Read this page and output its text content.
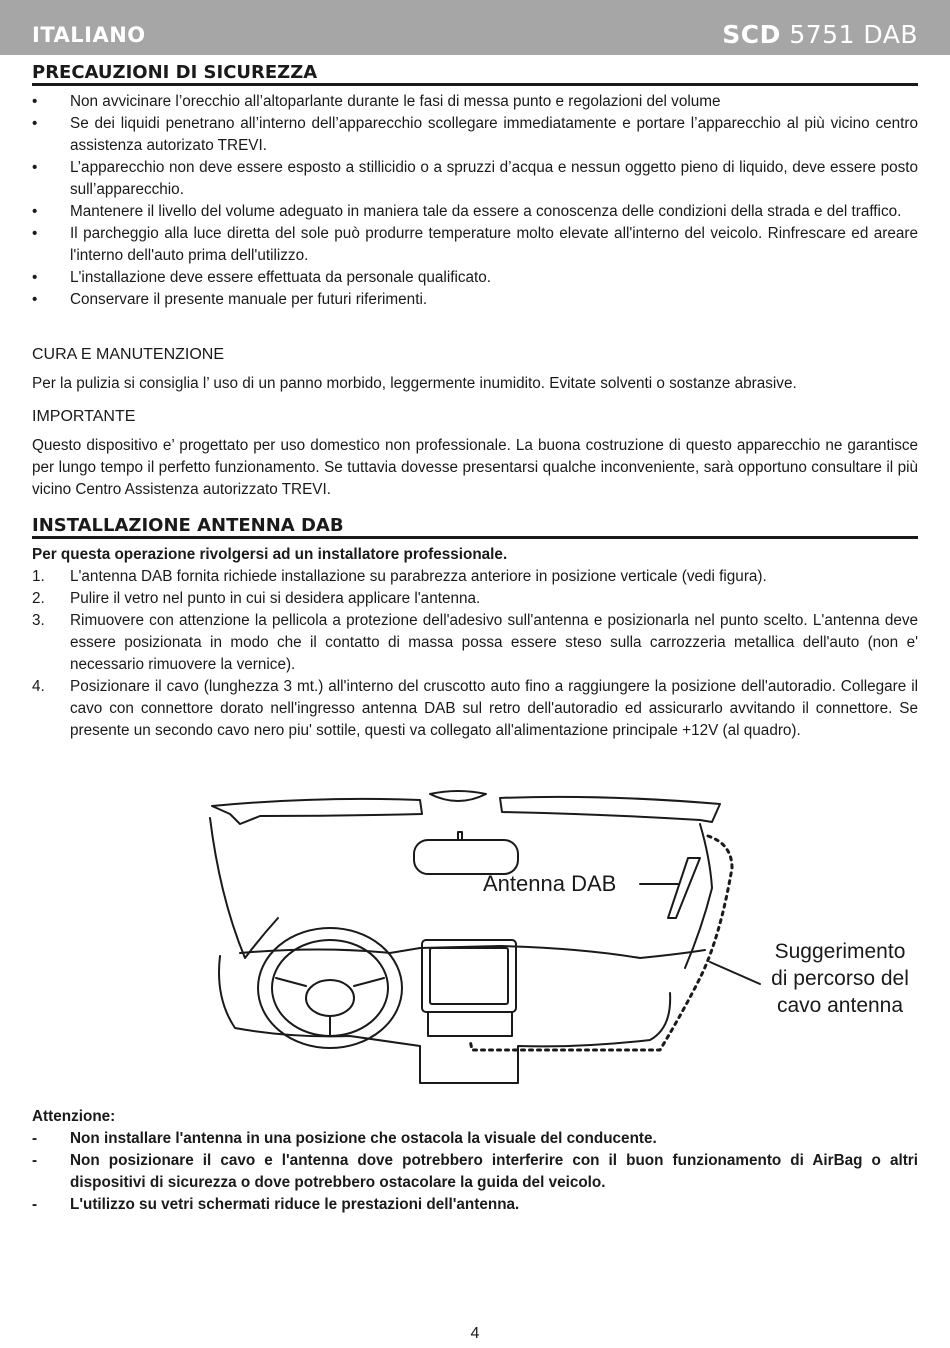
ITALIANO	SCD 5751 DAB
PRECAUZIONI DI SICUREZZA
• Non avvicinare l’orecchio all’altoparlante durante le fasi di messa punto e regolazioni del volume
• Se dei liquidi penetrano all’interno dell’apparecchio scollegare immediatamente e portare l’apparecchio al più vicino centro assistenza autorizato TREVI.
• L’apparecchio non deve essere esposto a stillicidio o a spruzzi d’acqua e nessun oggetto pieno di liquido, deve essere posto sull’apparecchio.
• Mantenere il livello del volume adeguato in maniera tale da essere a conoscenza delle condizioni della strada e del traffico.
• Il parcheggio alla luce diretta del sole può produrre temperature molto elevate all'interno del veicolo. Rinfrescare ed areare l'interno dell'auto prima dell'utilizzo.
• L'installazione deve essere effettuata da personale qualificato.
• Conservare il presente manuale per futuri riferimenti.
CURA E MANUTENZIONE
Per la pulizia si consiglia l’ uso di un panno morbido, leggermente inumidito. Evitate solventi o sostanze abrasive.
IMPORTANTE
Questo dispositivo e’ progettato per uso domestico non professionale. La buona costruzione di questo apparecchio ne garantisce per lungo tempo il perfetto funzionamento. Se tuttavia dovesse presentarsi qualche inconveniente, sarà opportuno consultare il più vicino Centro Assistenza autorizzato TREVI.
INSTALLAZIONE ANTENNA DAB
Per questa operazione rivolgersi ad un installatore professionale.
1. L'antenna DAB fornita richiede installazione su parabrezza anteriore in posizione verticale (vedi figura).
2. Pulire il vetro nel punto in cui si desidera applicare l'antenna.
3. Rimuovere con attenzione la pellicola a protezione dell'adesivo sull'antenna e posizionarla nel punto scelto. L'antenna deve essere posizionata in modo che il contatto di massa possa essere steso sulla carrozzeria metallica dell'auto (non e' necessario rimuovere la vernice).
4. Posizionare il cavo (lunghezza 3 mt.) all'interno del cruscotto auto fino a raggiungere la posizione dell'autoradio. Collegare il cavo con connettore dorato nell'ingresso antenna DAB sul retro dell'autoradio ed assicurarlo avvitando il connettore. Se presente un secondo cavo nero piu' sottile, questi va collegato all'alimentazione principale +12V (al quadro).
Antenna DAB
Suggerimento
di percorso del
cavo antenna
Attenzione:
- Non installare l'antenna in una posizione che ostacola la visuale del conducente.
- Non posizionare il cavo e l'antenna dove potrebbero interferire con il buon funzionamento di AirBag o altri dispositivi di sicurezza o dove potrebbero ostacolare la guida del veicolo.
- L'utilizzo su vetri schermati riduce le prestazioni dell'antenna.
4
